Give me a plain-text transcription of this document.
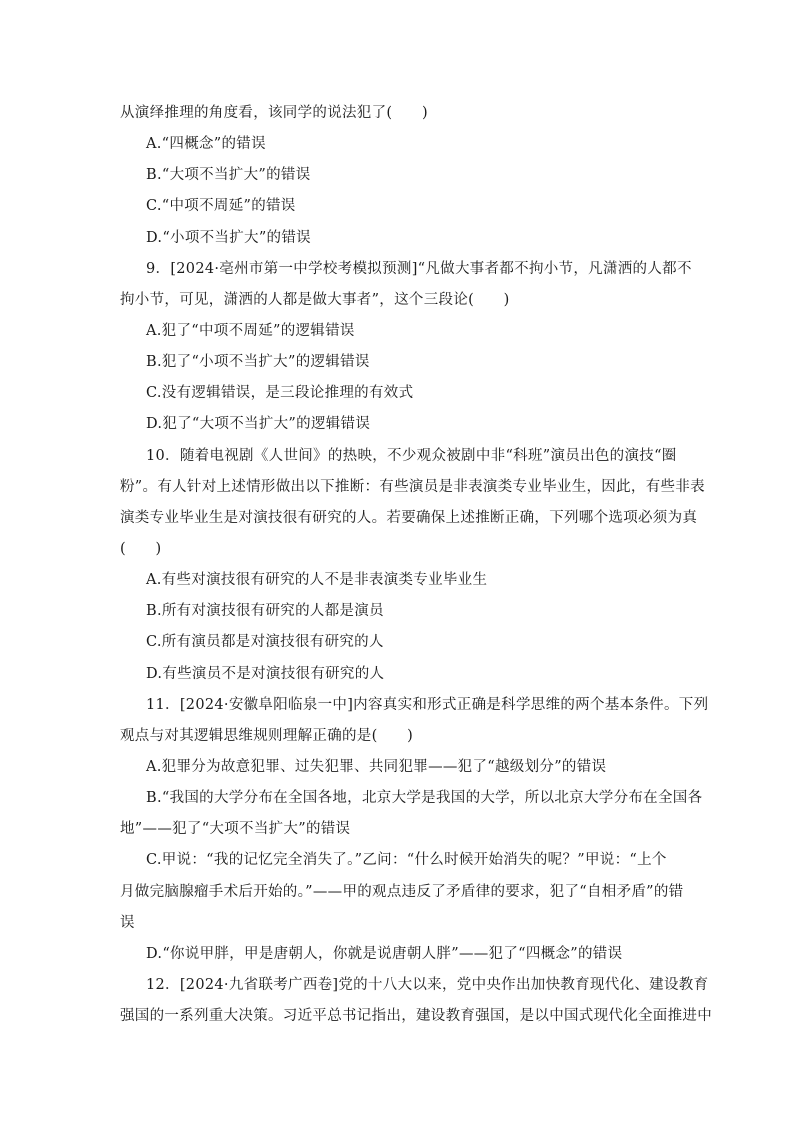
从演绎推理的角度看，该同学的说法犯了(　　)
A.“四概念”的错误
B.“大项不当扩大”的错误
C.“中项不周延”的错误
D.“小项不当扩大”的错误
9．[2024·亳州市第一中学校考模拟预测]“凡做大事者都不拘小节，凡潇洒的人都不
拘小节，可见，潇洒的人都是做大事者”，这个三段论(　　)
A.犯了“中项不周延”的逻辑错误
B.犯了“小项不当扩大”的逻辑错误
C.没有逻辑错误，是三段论推理的有效式
D.犯了“大项不当扩大”的逻辑错误
10．随着电视剧《人世间》的热映，不少观众被剧中非“科班”演员出色的演技“圈
粉”。有人针对上述情形做出以下推断：有些演员是非表演类专业毕业生，因此，有些非表
演类专业毕业生是对演技很有研究的人。若要确保上述推断正确，下列哪个选项必须为真
(　　)
A.有些对演技很有研究的人不是非表演类专业毕业生
B.所有对演技很有研究的人都是演员
C.所有演员都是对演技很有研究的人
D.有些演员不是对演技很有研究的人
11．[2024·安徽阜阳临泉一中]内容真实和形式正确是科学思维的两个基本条件。下列
观点与对其逻辑思维规则理解正确的是(　　)
A.犯罪分为故意犯罪、过失犯罪、共同犯罪——犯了“越级划分”的错误
B.“我国的大学分布在全国各地，北京大学是我国的大学，所以北京大学分布在全国各
地”——犯了“大项不当扩大”的错误
C.甲说：“我的记忆完全消失了。”乙问：“什么时候开始消失的呢？”甲说：“上个
月做完脑腺瘤手术后开始的。”——甲的观点违反了矛盾律的要求，犯了“自相矛盾”的错
误
D.“你说甲胖，甲是唐朝人，你就是说唐朝人胖”——犯了“四概念”的错误
12．[2024·九省联考广西卷]党的十八大以来，党中央作出加快教育现代化、建设教育
强国的一系列重大决策。习近平总书记指出，建设教育强国，是以中国式现代化全面推进中
